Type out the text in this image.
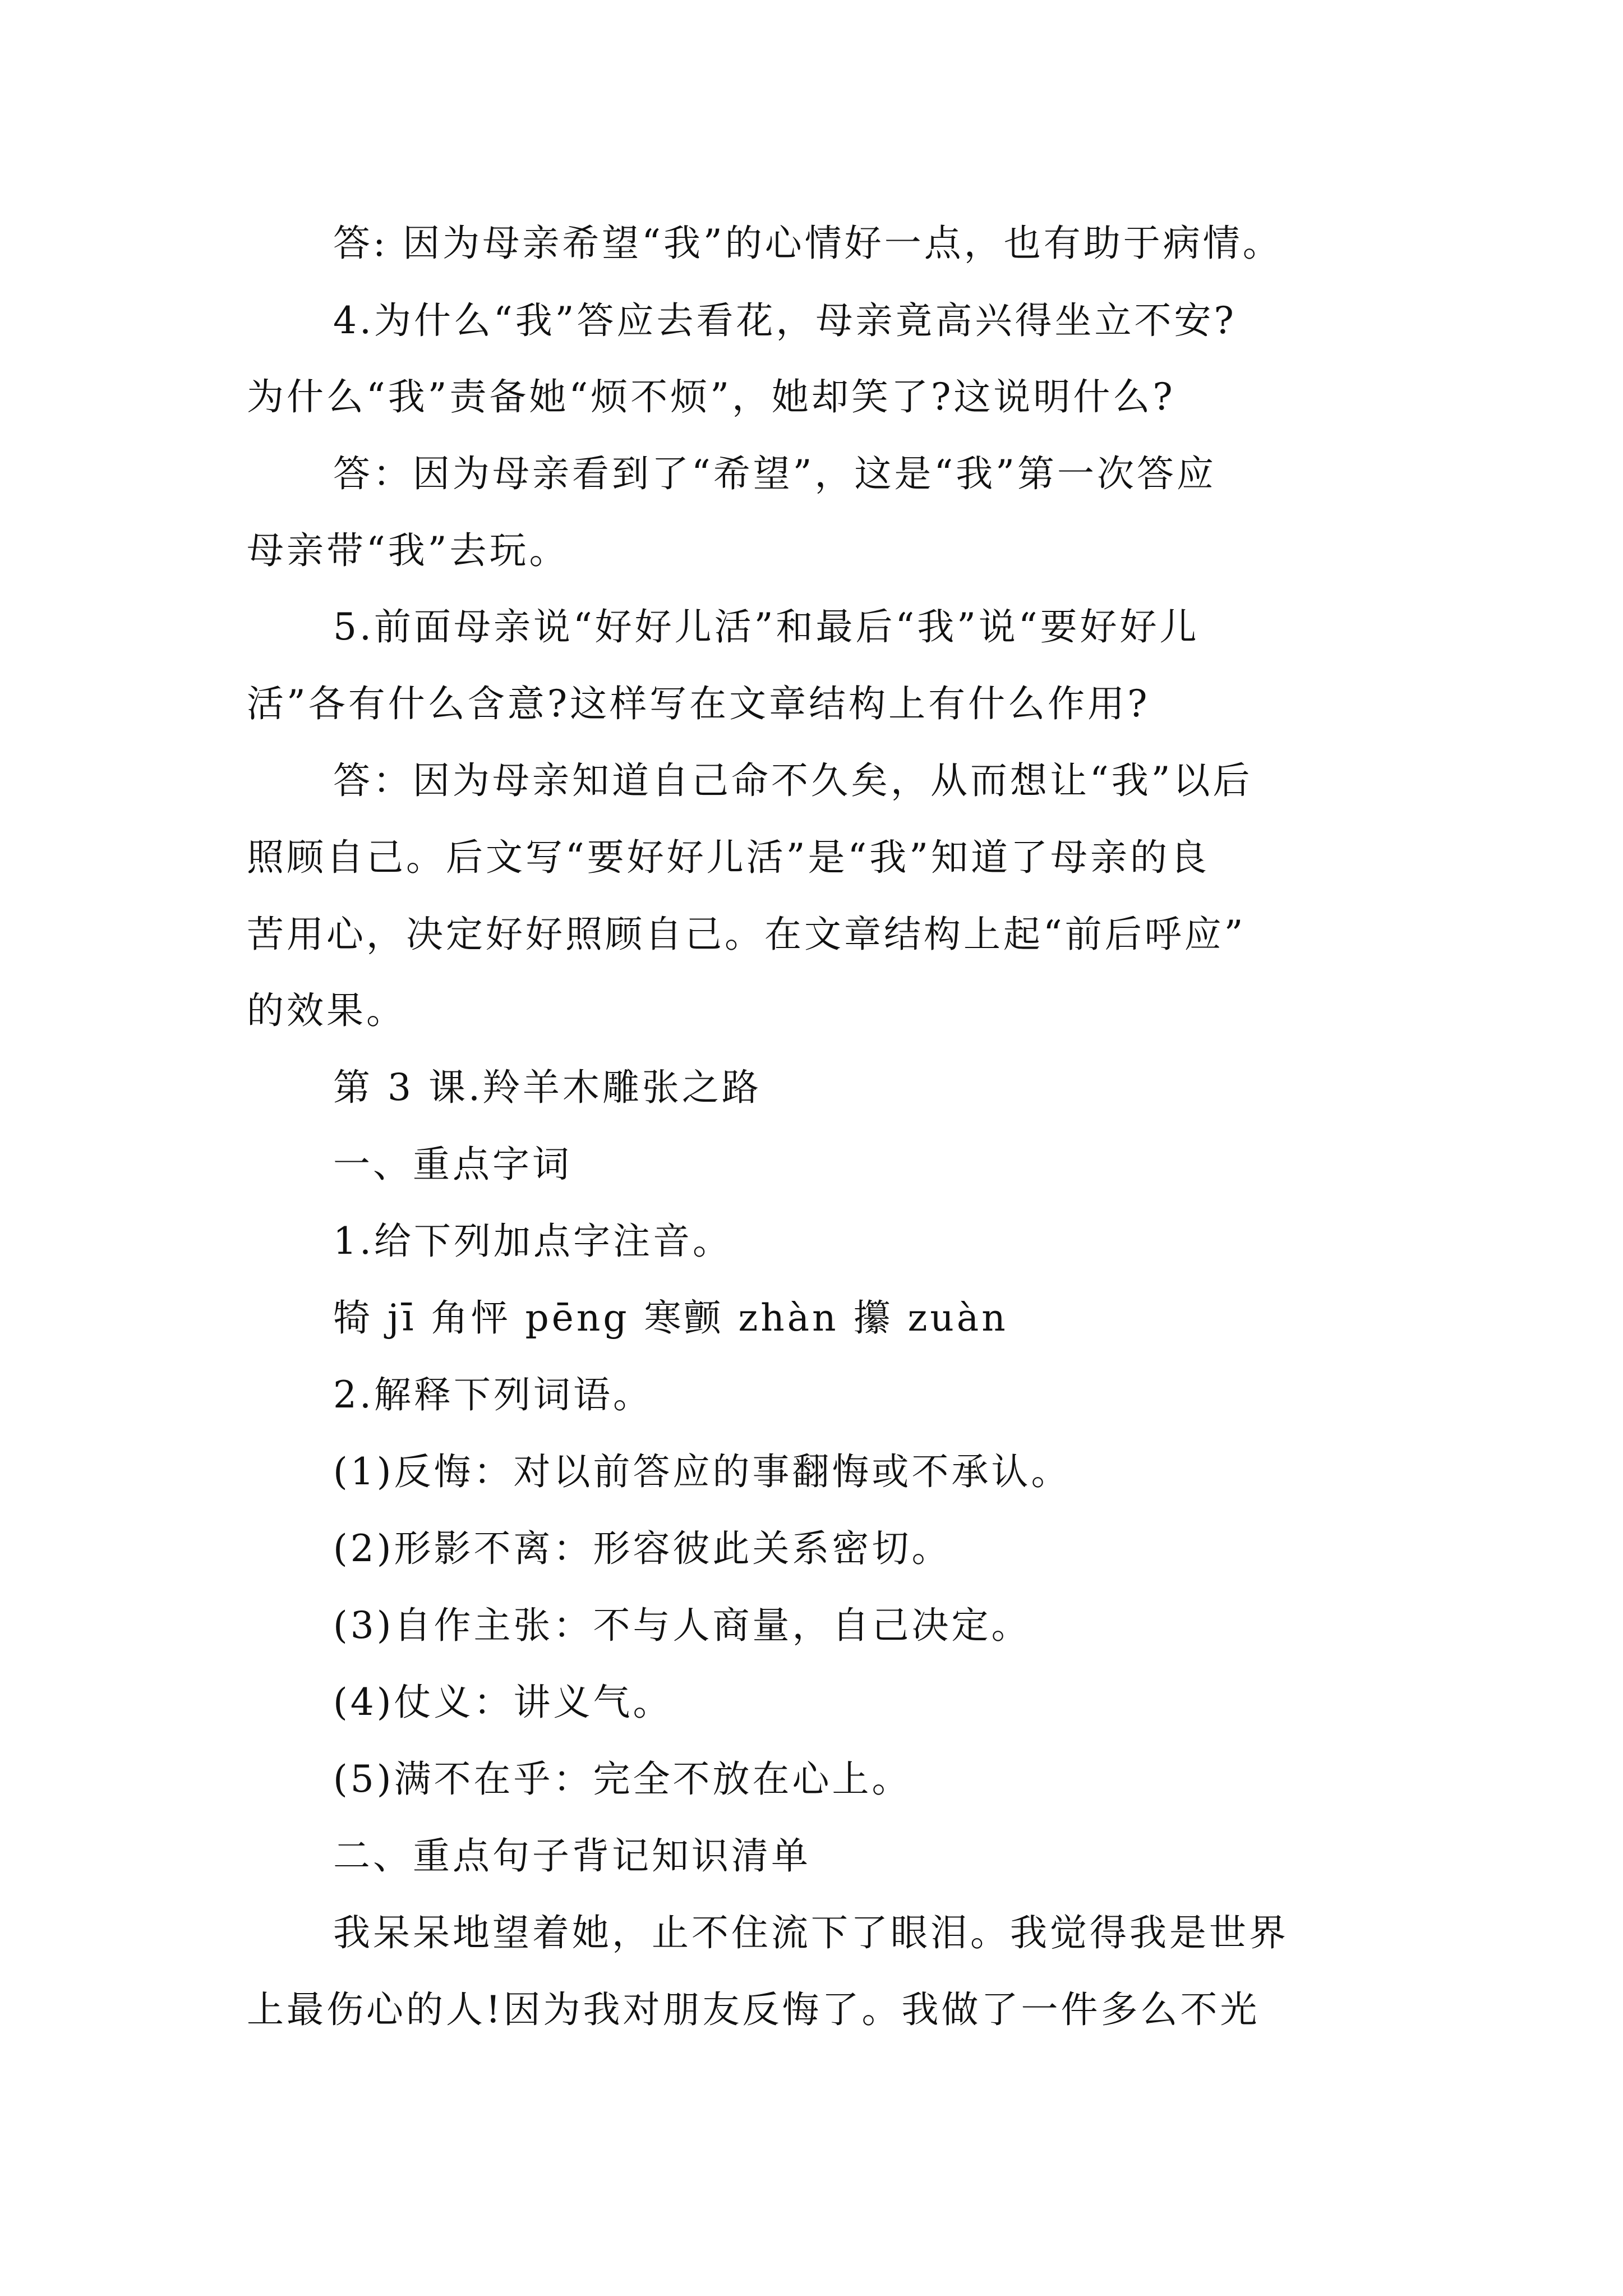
答: 因为母亲希望“我”的心情好一点，也有助于病情。
4.为什么“我”答应去看花，母亲竟高兴得坐立不安?
为什么“我”责备她“烦不烦”，她却笑了?这说明什么?
答：因为母亲看到了“希望”，这是“我”第一次答应
母亲带“我”去玩。
5.前面母亲说“好好儿活”和最后“我”说“要好好儿
活”各有什么含意?这样写在文章结构上有什么作用?
答：因为母亲知道自己命不久矣，从而想让“我”以后
照顾自己。后文写“要好好儿活”是“我”知道了母亲的良
苦用心，决定好好照顾自己。在文章结构上起“前后呼应”
的效果。
第 3 课.羚羊木雕张之路
一、重点字词
1.给下列加点字注音。
犄 jī 角怦 pēng 寒颤 zhàn 攥 zuàn
2.解释下列词语。
(1)反悔：对以前答应的事翻悔或不承认。
(2)形影不离：形容彼此关系密切。
(3)自作主张：不与人商量，自己决定。
(4)仗义：讲义气。
(5)满不在乎：完全不放在心上。
二、重点句子背记知识清单
我呆呆地望着她，止不住流下了眼泪。我觉得我是世界
上最伤心的人!因为我对朋友反悔了。我做了一件多么不光
